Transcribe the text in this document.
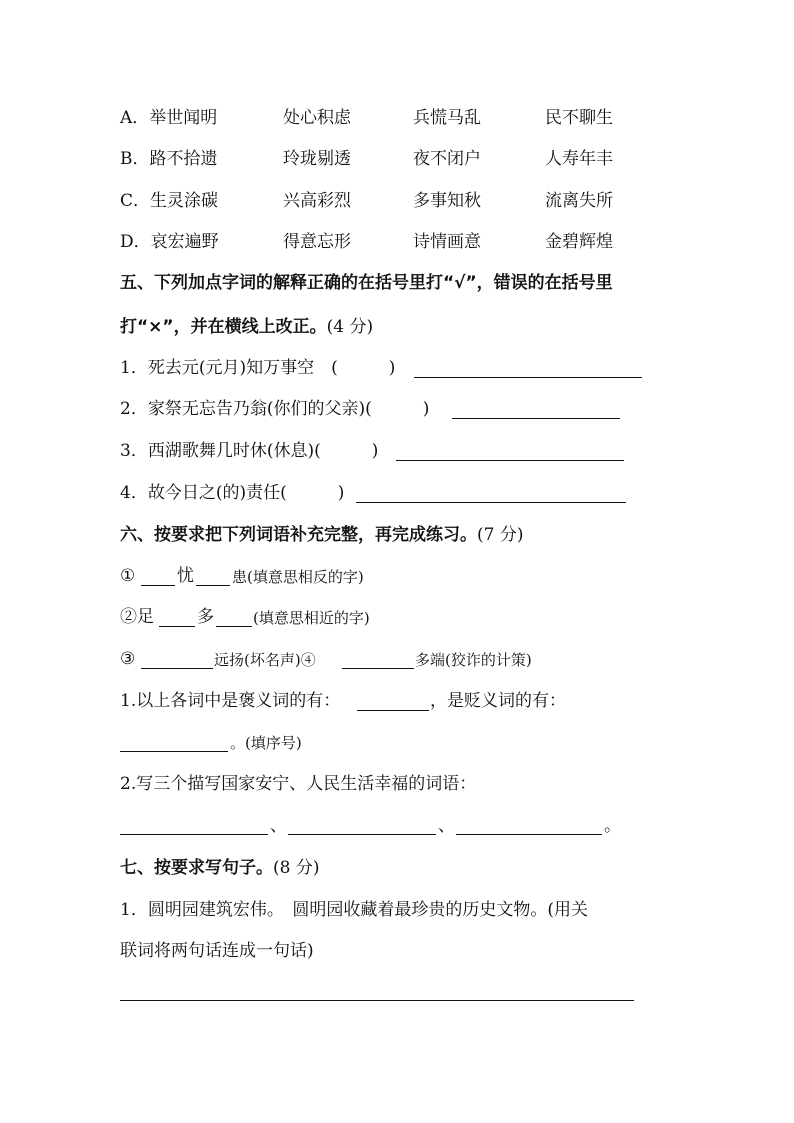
A．举世闻明	处心积虑	兵慌马乱	民不聊生
B．路不拾遗	玲珑剔透	夜不闭户	人寿年丰
C．生灵涂碳	兴高彩烈	多事知秋	流离失所
D．哀宏遍野	得意忘形	诗情画意	金碧辉煌
五、下列加点字词的解释正确的在括号里打“√”，错误的在括号里
打“×”，并在横线上改正。(4 分)
1．死去元(元月)知万事空　(　　　)
2．家祭无忘告乃翁(你们的父亲)(　　　)
3．西湖歌舞几时休(休息)(　　　)
4．故今日之(的)责任(　　　)
六、按要求把下列词语补充完整，再完成练习。(7 分)
① 忧	患(填意思相反的字)
②足	多	(填意思相近的字)
③	远扬(坏名声)④	多端(狡诈的计策)
1.以上各词中是褒义词的有：	，是贬义词的有：
。(填序号)
2.写三个描写国家安宁、人民生活幸福的词语：
、	、	。
七、按要求写句子。(8 分)
1．圆明园建筑宏伟。　圆明园收藏着最珍贵的历史文物。(用关
联词将两句话连成一句话)
